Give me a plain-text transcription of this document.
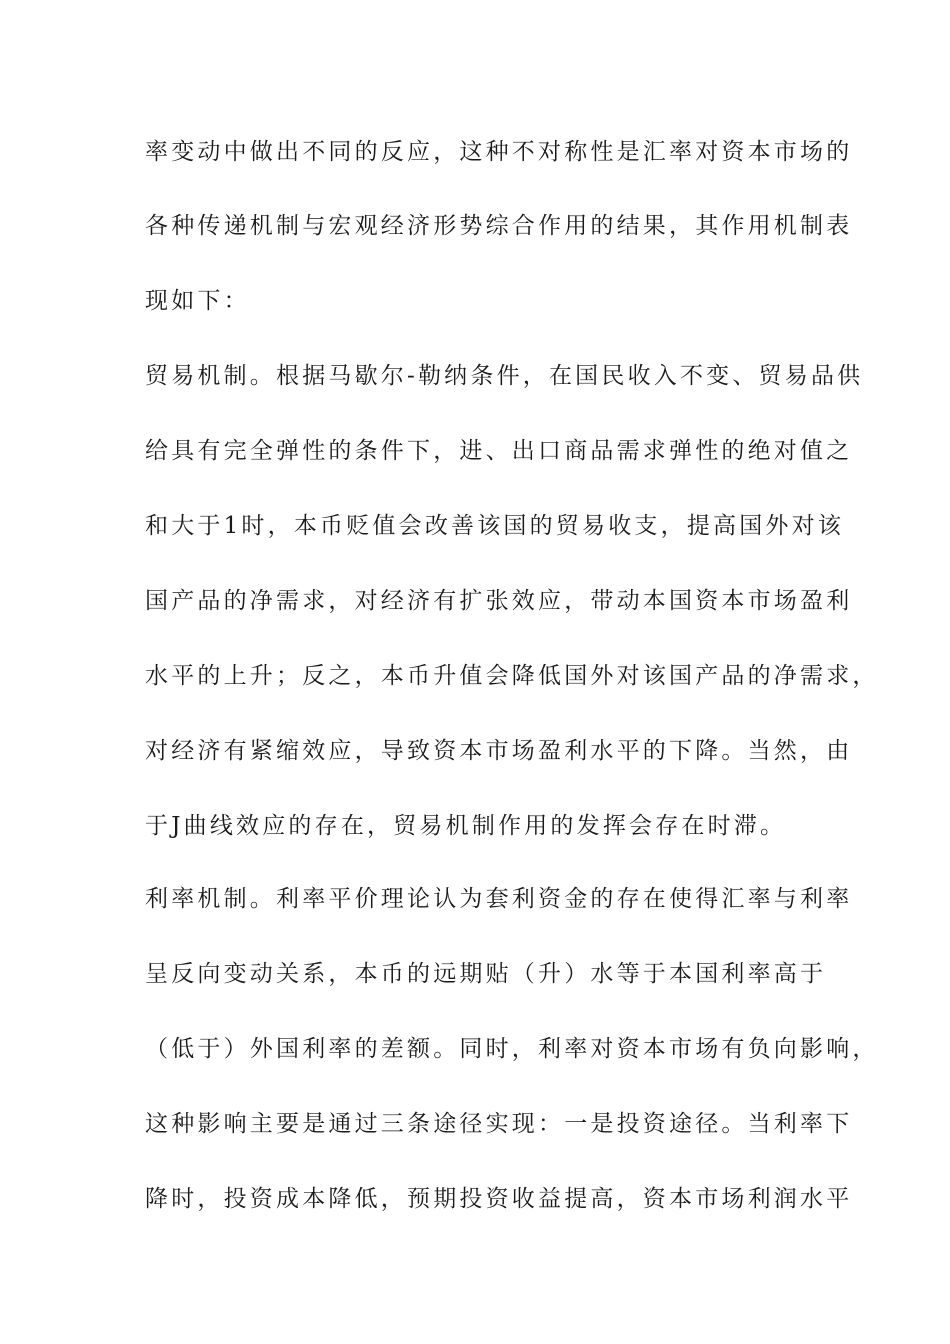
率变动中做出不同的反应，这种不对称性是汇率对资本市场的
各种传递机制与宏观经济形势综合作用的结果，其作用机制表
现如下：
贸易机制。根据马歇尔-勒纳条件，在国民收入不变、贸易品供
给具有完全弹性的条件下，进、出口商品需求弹性的绝对值之
和大于1时，本币贬值会改善该国的贸易收支，提高国外对该
国产品的净需求，对经济有扩张效应，带动本国资本市场盈利
水平的上升；反之，本币升值会降低国外对该国产品的净需求，
对经济有紧缩效应，导致资本市场盈利水平的下降。当然，由
于J曲线效应的存在，贸易机制作用的发挥会存在时滞。
利率机制。利率平价理论认为套利资金的存在使得汇率与利率
呈反向变动关系，本币的远期贴（升）水等于本国利率高于
（低于）外国利率的差额。同时，利率对资本市场有负向影响，
这种影响主要是通过三条途径实现：一是投资途径。当利率下
降时，投资成本降低，预期投资收益提高，资本市场利润水平
